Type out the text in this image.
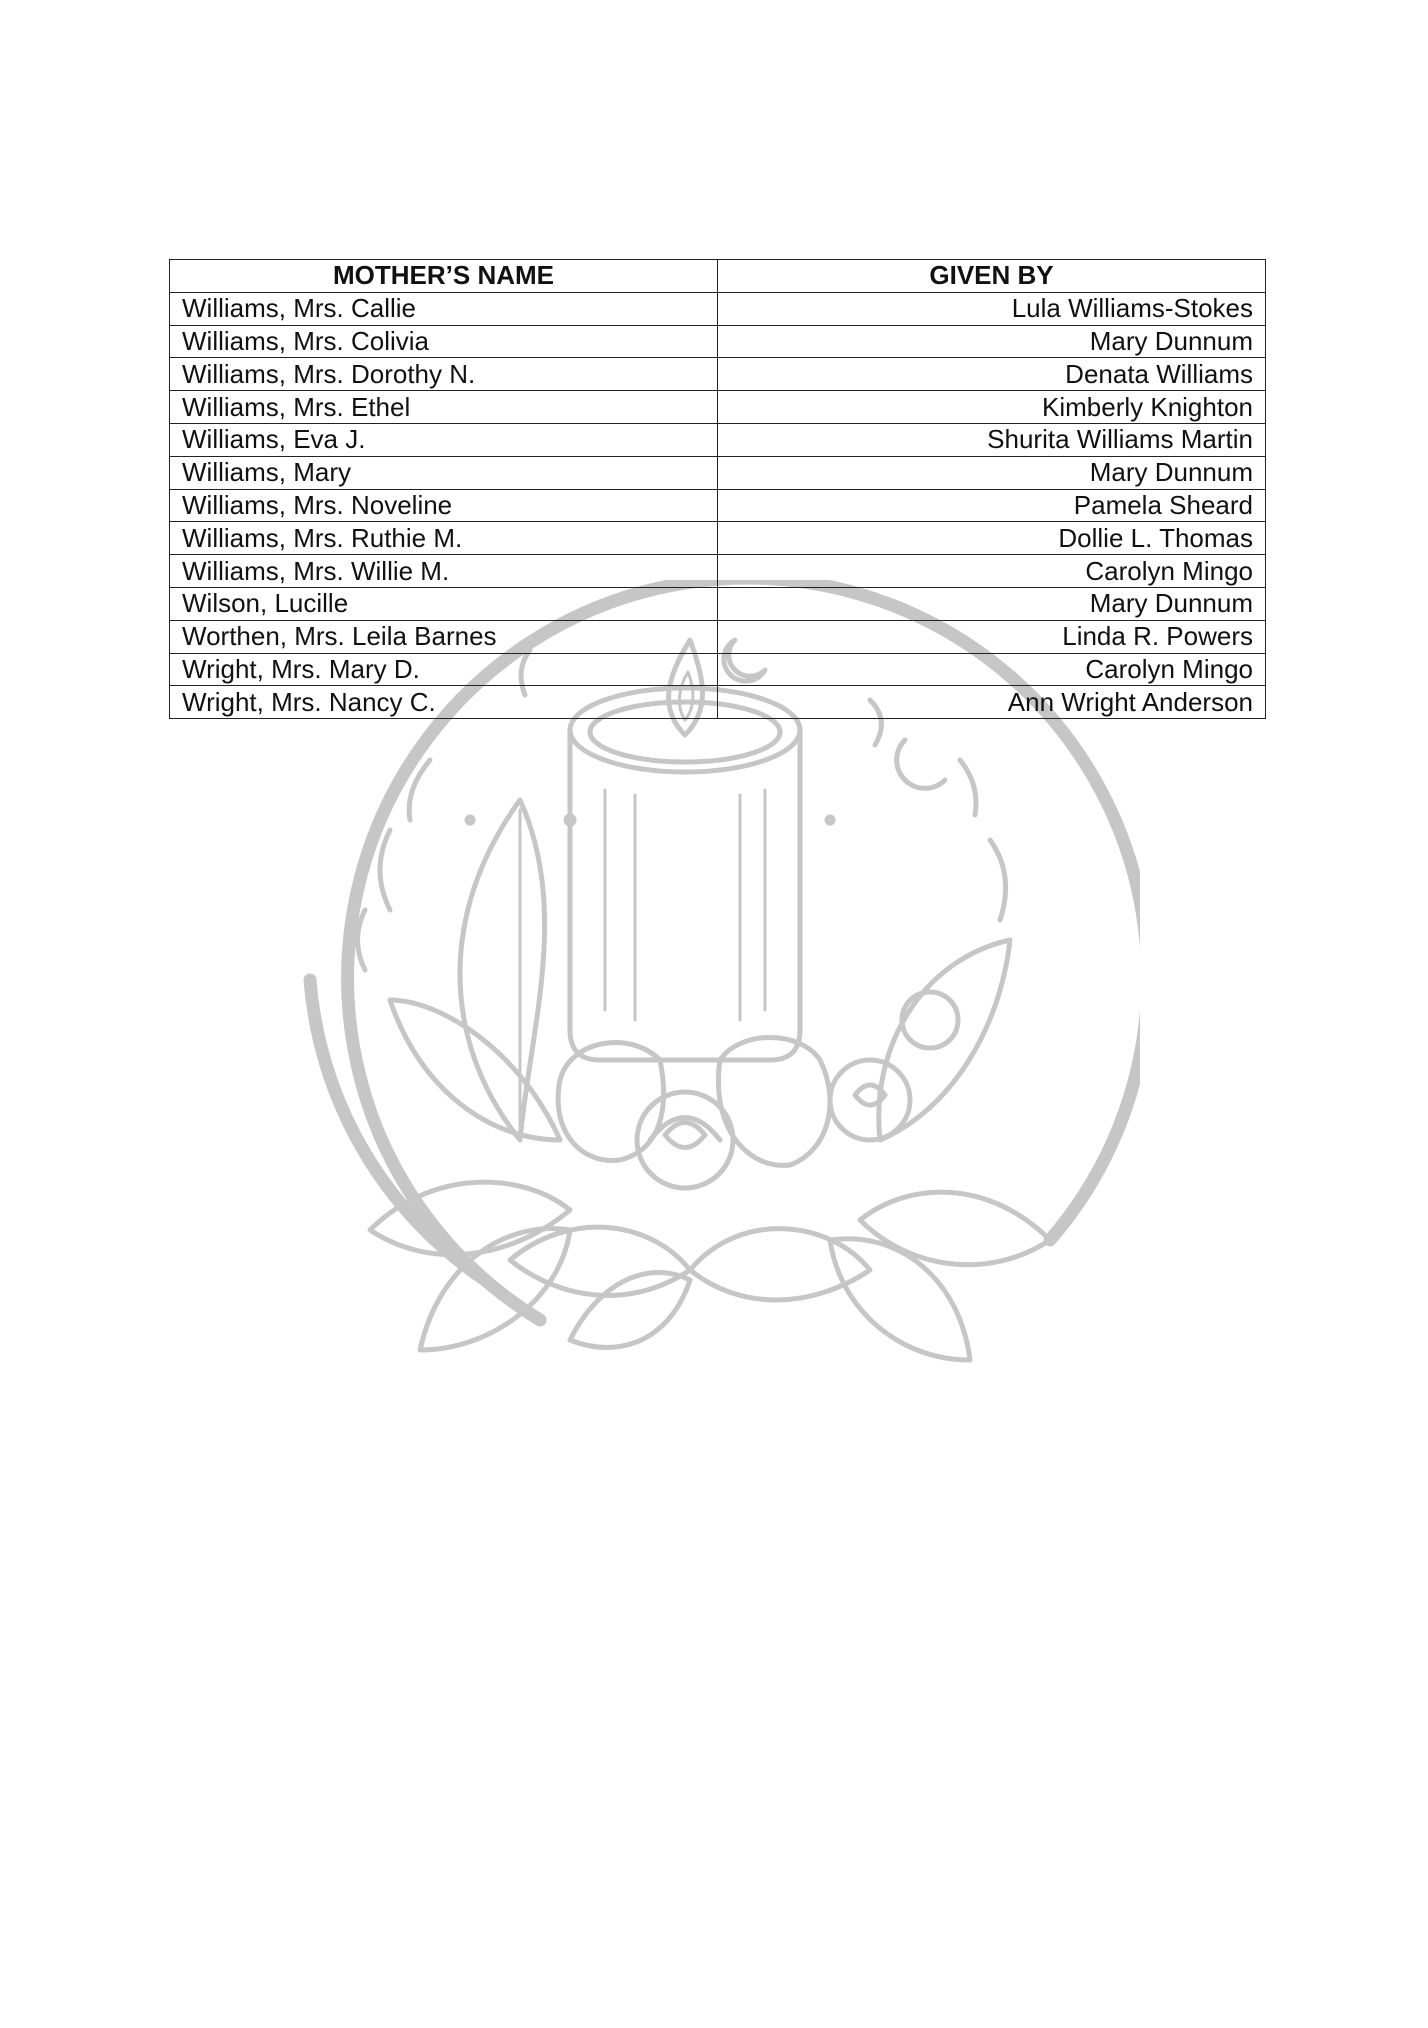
MOTHER’S NAME	GIVEN BY
Williams, Mrs. Callie	Lula Williams-Stokes
Williams, Mrs. Colivia	Mary Dunnum
Williams, Mrs. Dorothy N.	Denata Williams
Williams, Mrs. Ethel	Kimberly Knighton
Williams, Eva J.	Shurita Williams Martin
Williams, Mary	Mary Dunnum
Williams, Mrs. Noveline	Pamela Sheard
Williams, Mrs. Ruthie M.	Dollie L. Thomas
Williams, Mrs. Willie M.	Carolyn Mingo
Wilson, Lucille	Mary Dunnum
Worthen, Mrs. Leila Barnes	Linda R. Powers
Wright, Mrs. Mary D.	Carolyn Mingo
Wright, Mrs. Nancy C.	Ann Wright Anderson
